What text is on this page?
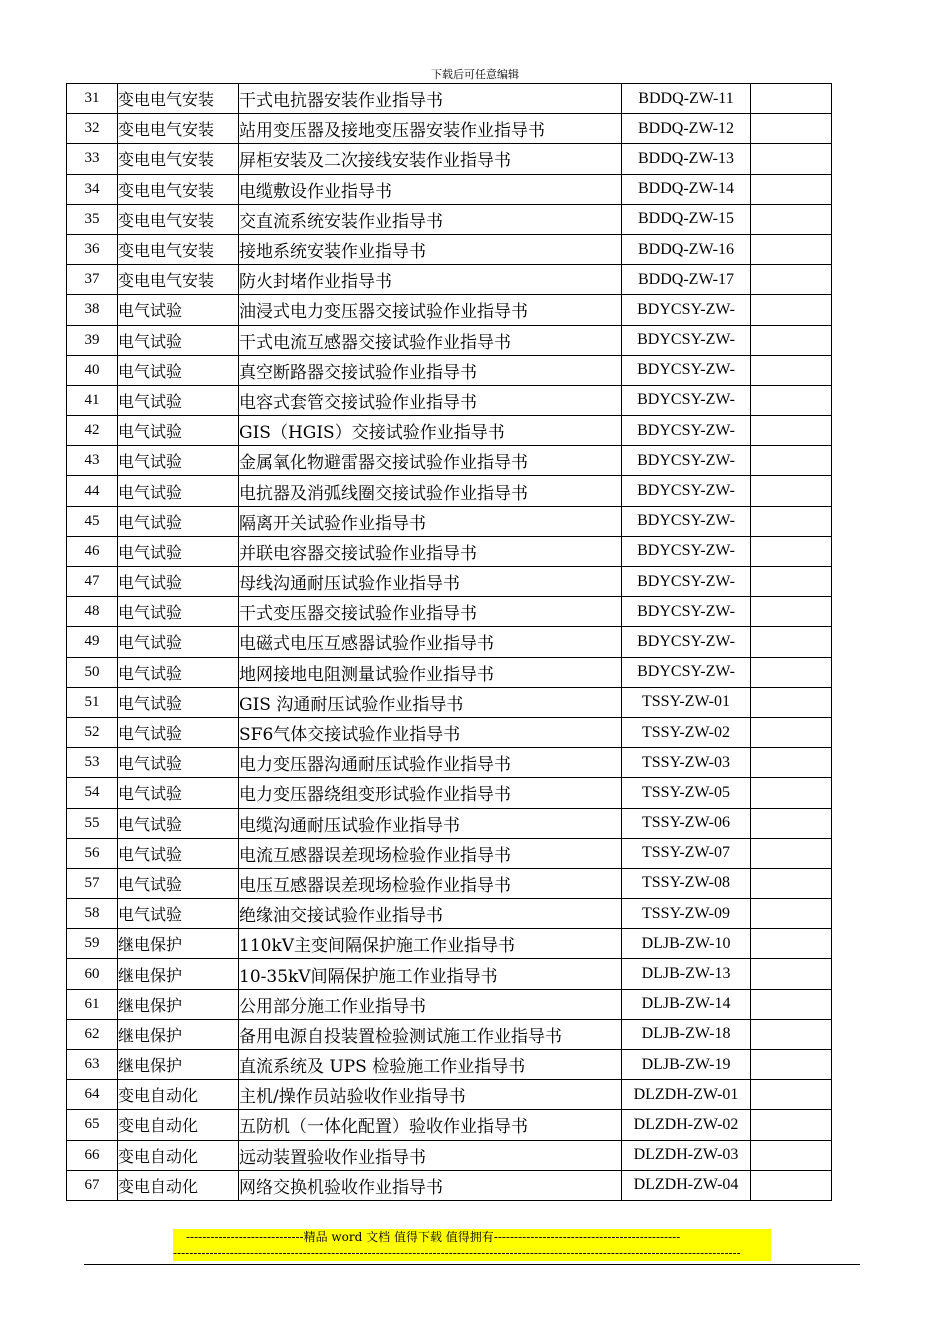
下载后可任意编辑
31	变电电气安装	干式电抗器安装作业指导书	BDDQ-ZW-11	
32	变电电气安装	站用变压器及接地变压器安装作业指导书	BDDQ-ZW-12	
33	变电电气安装	屏柜安装及二次接线安装作业指导书	BDDQ-ZW-13	
34	变电电气安装	电缆敷设作业指导书	BDDQ-ZW-14	
35	变电电气安装	交直流系统安装作业指导书	BDDQ-ZW-15	
36	变电电气安装	接地系统安装作业指导书	BDDQ-ZW-16	
37	变电电气安装	防火封堵作业指导书	BDDQ-ZW-17	
38	电气试验	油浸式电力变压器交接试验作业指导书	BDYCSY-ZW-	
39	电气试验	干式电流互感器交接试验作业指导书	BDYCSY-ZW-	
40	电气试验	真空断路器交接试验作业指导书	BDYCSY-ZW-	
41	电气试验	电容式套管交接试验作业指导书	BDYCSY-ZW-	
42	电气试验	GIS（HGIS）交接试验作业指导书	BDYCSY-ZW-	
43	电气试验	金属氧化物避雷器交接试验作业指导书	BDYCSY-ZW-	
44	电气试验	电抗器及消弧线圈交接试验作业指导书	BDYCSY-ZW-	
45	电气试验	隔离开关试验作业指导书	BDYCSY-ZW-	
46	电气试验	并联电容器交接试验作业指导书	BDYCSY-ZW-	
47	电气试验	母线沟通耐压试验作业指导书	BDYCSY-ZW-	
48	电气试验	干式变压器交接试验作业指导书	BDYCSY-ZW-	
49	电气试验	电磁式电压互感器试验作业指导书	BDYCSY-ZW-	
50	电气试验	地网接地电阻测量试验作业指导书	BDYCSY-ZW-	
51	电气试验	GIS 沟通耐压试验作业指导书	TSSY-ZW-01	
52	电气试验	SF6气体交接试验作业指导书	TSSY-ZW-02	
53	电气试验	电力变压器沟通耐压试验作业指导书	TSSY-ZW-03	
54	电气试验	电力变压器绕组变形试验作业指导书	TSSY-ZW-05	
55	电气试验	电缆沟通耐压试验作业指导书	TSSY-ZW-06	
56	电气试验	电流互感器误差现场检验作业指导书	TSSY-ZW-07	
57	电气试验	电压互感器误差现场检验作业指导书	TSSY-ZW-08	
58	电气试验	绝缘油交接试验作业指导书	TSSY-ZW-09	
59	继电保护	110kV主变间隔保护施工作业指导书	DLJB-ZW-10	
60	继电保护	10-35kV间隔保护施工作业指导书	DLJB-ZW-13	
61	继电保护	公用部分施工作业指导书	DLJB-ZW-14	
62	继电保护	备用电源自投装置检验测试施工作业指导书	DLJB-ZW-18	
63	继电保护	直流系统及 UPS 检验施工作业指导书	DLJB-ZW-19	
64	变电自动化	主机/操作员站验收作业指导书	DLZDH-ZW-01	
65	变电自动化	五防机（一体化配置）验收作业指导书	DLZDH-ZW-02	
66	变电自动化	远动装置验收作业指导书	DLZDH-ZW-03	
67	变电自动化	网络交换机验收作业指导书	DLZDH-ZW-04	
-----------------------------精品 word 文档 值得下载 值得拥有----------------------------------------------
--------------------------------------------------------------------------------------------------------------------------------------------
